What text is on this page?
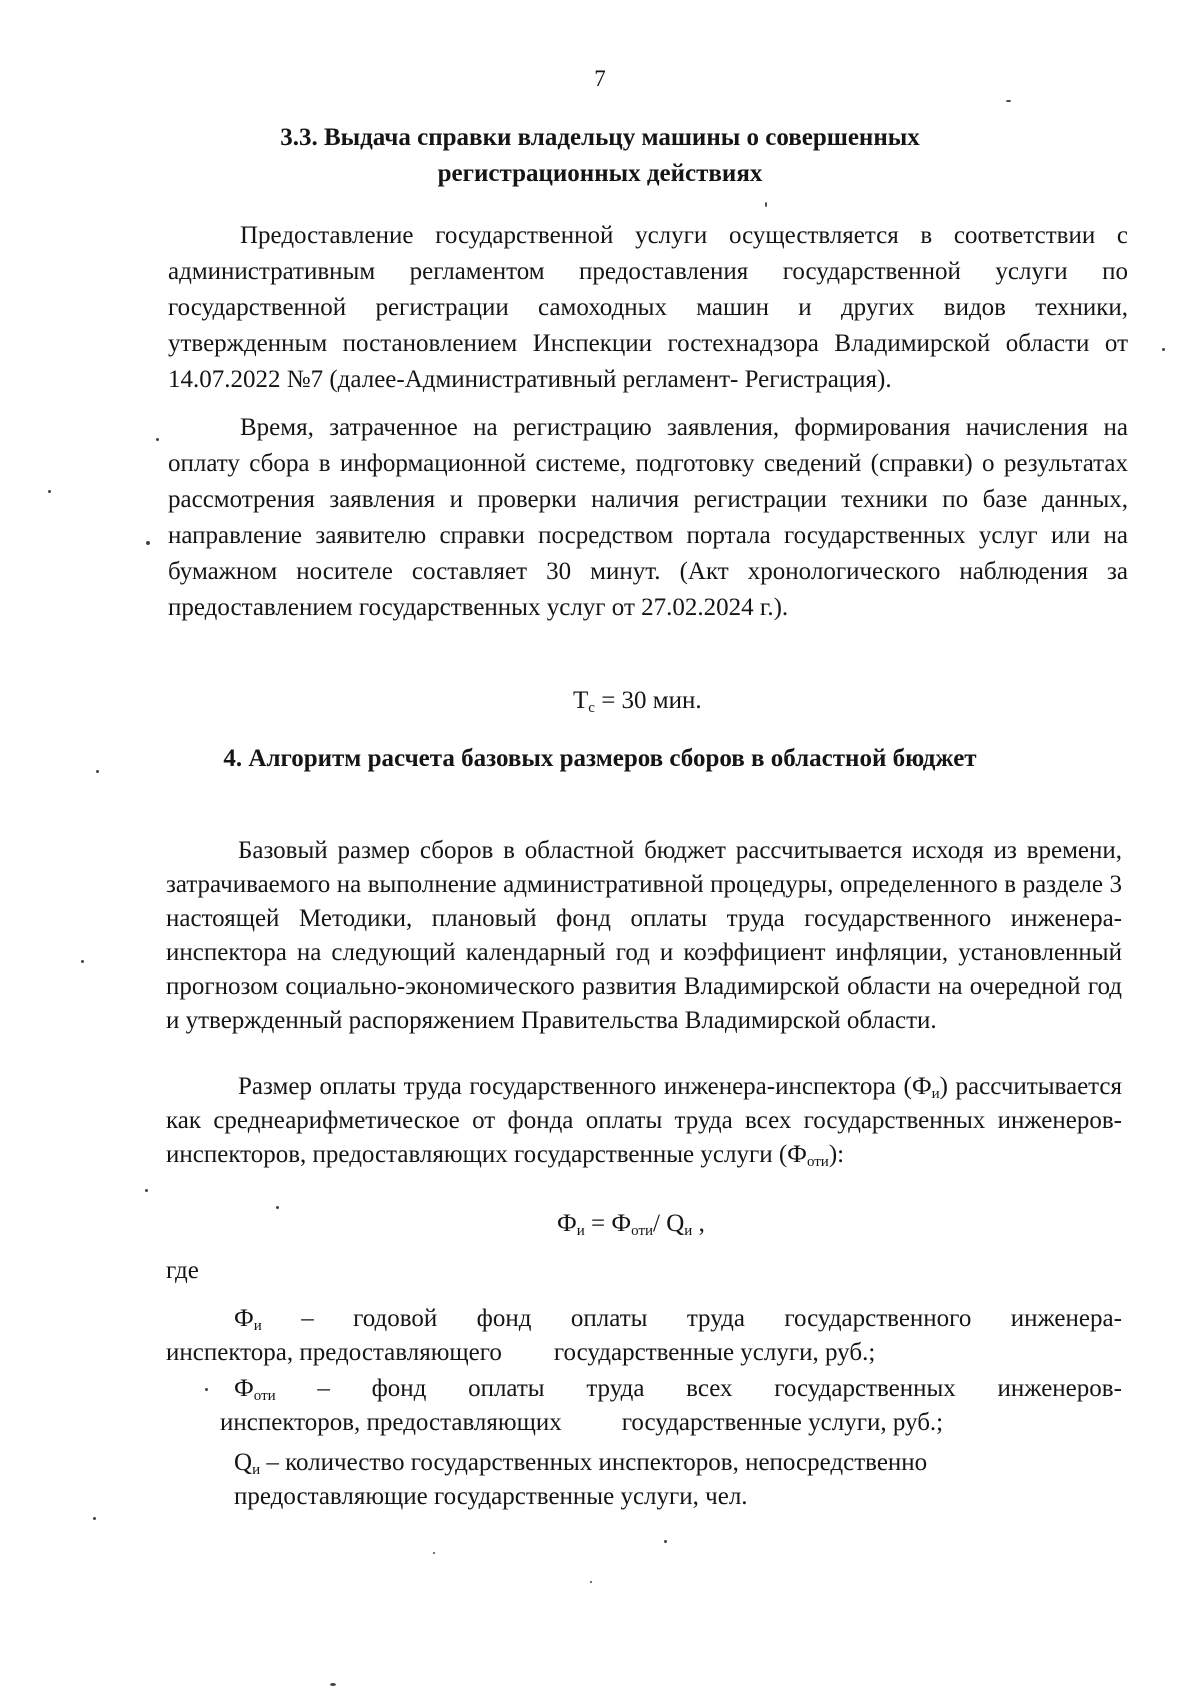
7
3.3. Выдача справки владельцу машины о совершенных
регистрационных действиях
Предоставление государственной услуги осуществляется в соответствии с административным регламентом предоставления государственной услуги по государственной регистрации самоходных машин и других видов техники, утвержденным постановлением Инспекции гостехнадзора Владимирской области от 14.07.2022 №7 (далее-Административный регламент- Регистрация).
Время, затраченное на регистрацию заявления, формирования начисления на оплату сбора в информационной системе, подготовку сведений (справки) о результатах рассмотрения заявления и проверки наличия регистрации техники по базе данных, направление заявителю справки посредством портала государственных услуг или на бумажном носителе составляет 30 минут. (Акт хронологического наблюдения за предоставлением государственных услуг от 27.02.2024 г.).
$Т_с = 30$ мин.
4. Алгоритм расчета базовых размеров сборов в областной бюджет
Базовый размер сборов в областной бюджет рассчитывается исходя из времени, затрачиваемого на выполнение административной процедуры, определенного в разделе 3 настоящей Методики, плановый фонд оплаты труда государственного инженера-инспектора на следующий календарный год и коэффициент инфляции, установленный прогнозом социально-экономического развития Владимирской области на очередной год и утвержденный распоряжением Правительства Владимирской области.
Размер оплаты труда государственного инженера-инспектора $(Ф_и)$ рассчитывается как среднеарифметическое от фонда оплаты труда всех государственных инженеров-инспекторов, предоставляющих государственные услуги $(Ф_{оти})$:
$Ф_и = Ф_{оти}/$ $Q_и$ ,
где
$Ф_и$ – годовой фонд оплаты труда государственного инженера-
инспектора, предоставляющего государственные услуги, руб.;
$Ф_{оти}$ – фонд оплаты труда всех государственных инженеров-
инспекторов, предоставляющих государственные услуги, руб.;
$Q_и$ – количество государственных инспекторов, непосредственно
предоставляющие государственные услуги, чел.
